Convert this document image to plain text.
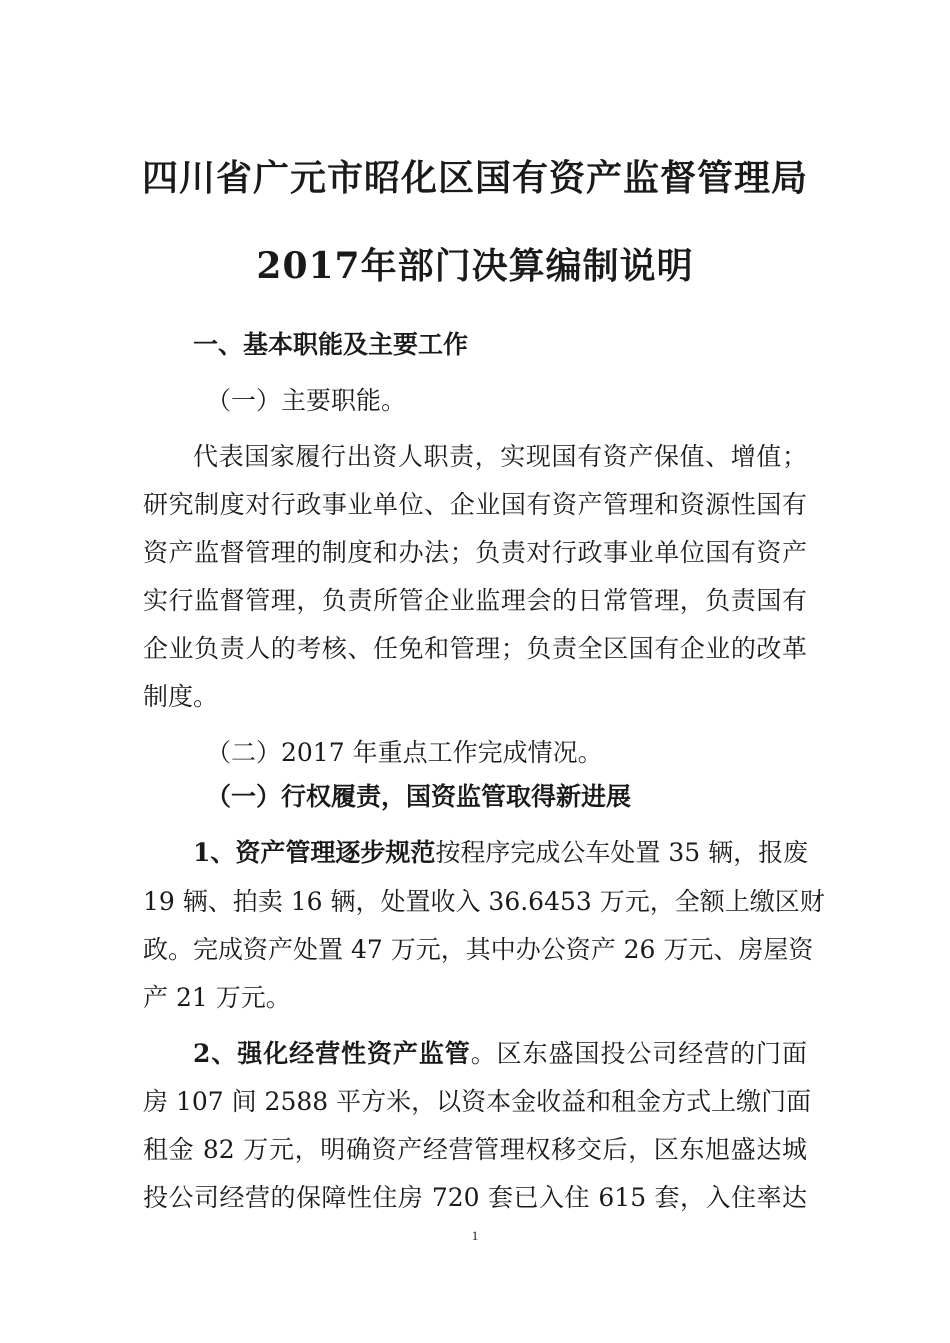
四川省广元市昭化区国有资产监督管理局
2017年部门决算编制说明
一、基本职能及主要工作
（一）主要职能。
代表国家履行出资人职责，实现国有资产保值、增值；
研究制度对行政事业单位、企业国有资产管理和资源性国有
资产监督管理的制度和办法；负责对行政事业单位国有资产
实行监督管理，负责所管企业监理会的日常管理，负责国有
企业负责人的考核、任免和管理；负责全区国有企业的改革
制度。
（二）2017 年重点工作完成情况。
（一）行权履责，国资监管取得新进展
1、资产管理逐步规范按程序完成公车处置 35 辆，报废
19 辆、拍卖 16 辆，处置收入 36.6453 万元，全额上缴区财
政。完成资产处置 47 万元，其中办公资产 26 万元、房屋资
产 21 万元。
2、强化经营性资产监管。区东盛国投公司经营的门面
房 107 间 2588 平方米，以资本金收益和租金方式上缴门面
租金 82 万元，明确资产经营管理权移交后，区东旭盛达城
投公司经营的保障性住房 720 套已入住 615 套，入住率达
1
